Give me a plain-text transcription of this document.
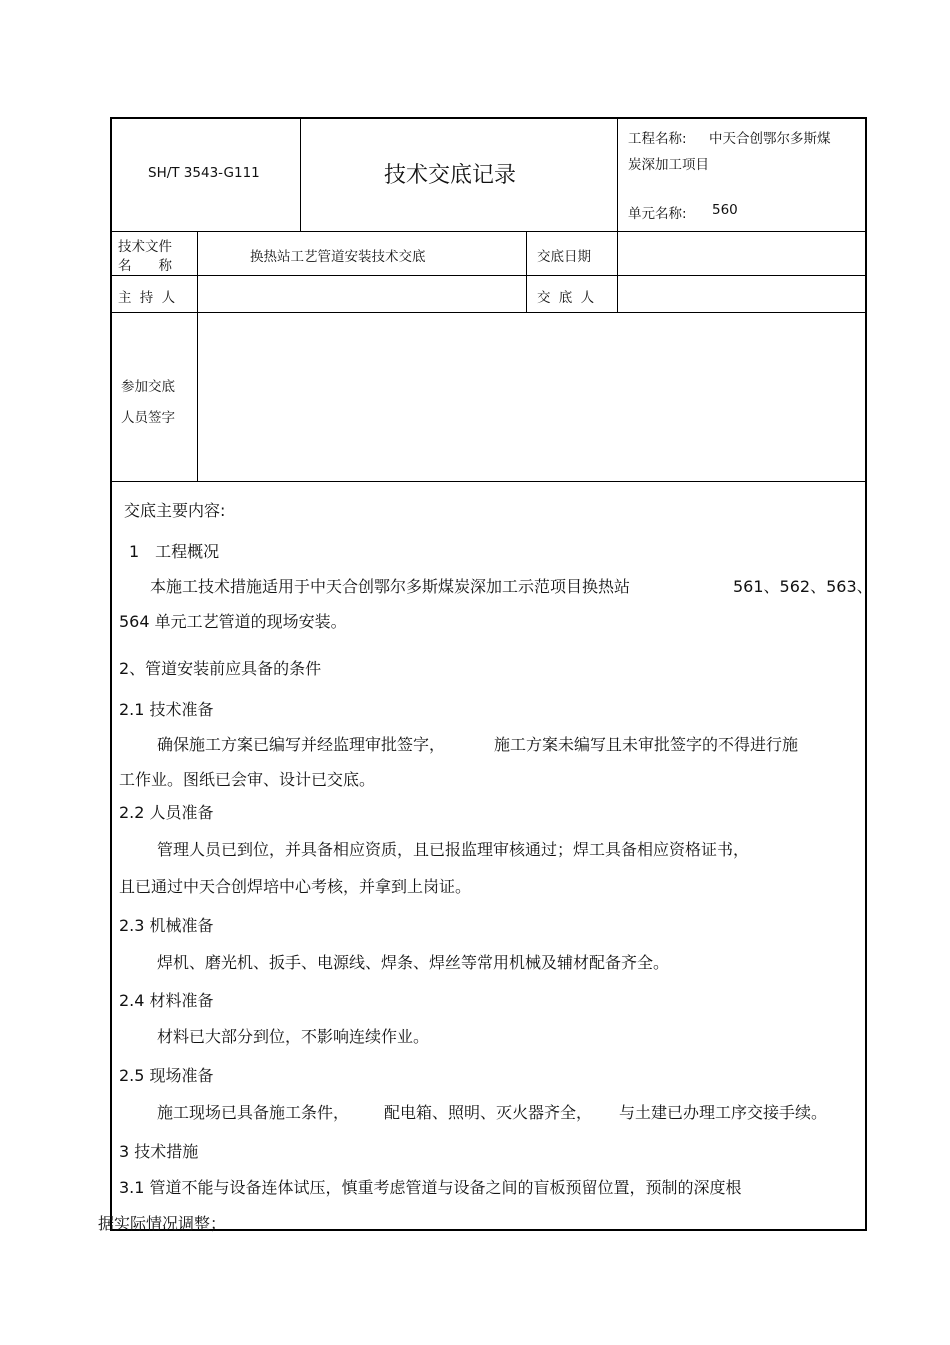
SH/T 3543-G111	技术交底记录
工程名称: 中天合创鄂尔多斯煤
炭深加工项目
单元名称: 560
技术文件
名　　称
换热站工艺管道安装技术交底	交底日期
主 持 人	交 底 人
参加交底
人员签字
交底主要内容:
1　工程概况
本施工技术措施适用于中天合创鄂尔多斯煤炭深加工示范项目换热站	561、562、563、
564 单元工艺管道的现场安装。
2、管道安装前应具备的条件
2.1 技术准备
确保施工方案已编写并经监理审批签字，	施工方案未编写且未审批签字的不得进行施
工作业。图纸已会审、设计已交底。
2.2 人员准备
管理人员已到位，并具备相应资质，且已报监理审核通过；焊工具备相应资格证书，
且已通过中天合创焊培中心考核，并拿到上岗证。
2.3 机械准备
焊机、磨光机、扳手、电源线、焊条、焊丝等常用机械及辅材配备齐全。
2.4 材料准备
材料已大部分到位，不影响连续作业。
2.5 现场准备
施工现场已具备施工条件， 配电箱、照明、灭火器齐全， 与土建已办理工序交接手续。
3 技术措施
3.1 管道不能与设备连体试压，慎重考虑管道与设备之间的盲板预留位置，预制的深度根
据实际情况调整；
